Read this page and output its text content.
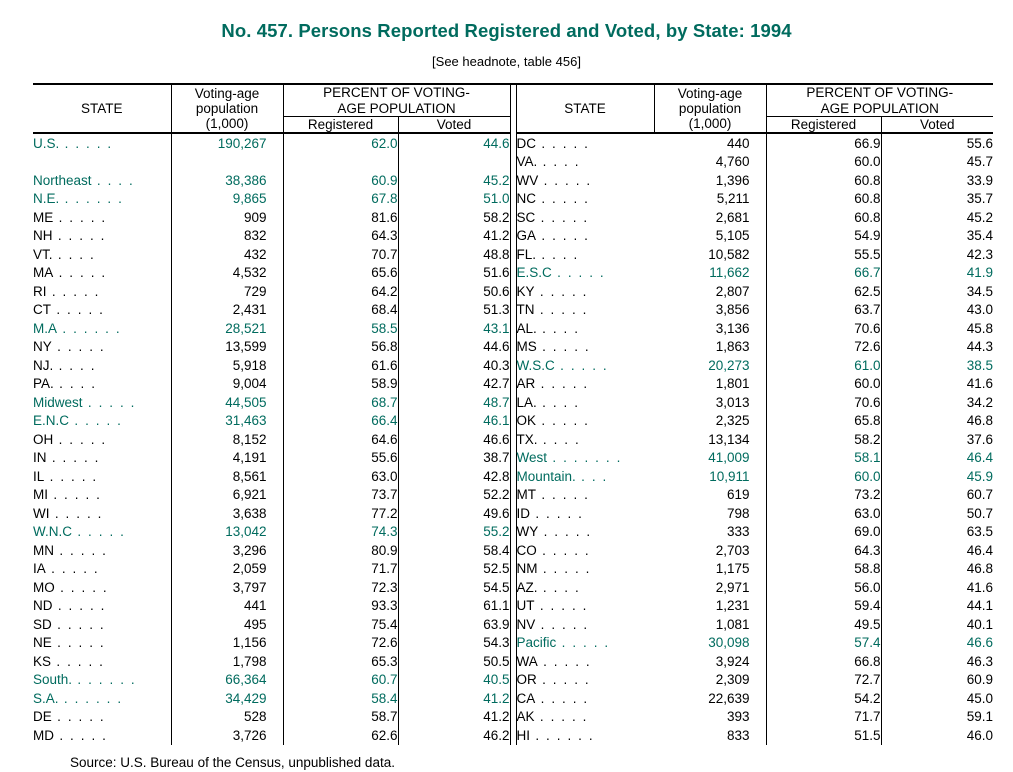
No. 457. Persons Reported Registered and Voted, by State: 1994
[See headnote, table 456]

STATE	
Voting-age
population
(1,000)

PERCENT OF VOTING-
AGE POPULATION		STATE	
Voting-age
population
(1,000)

PERCENT OF VOTING-
AGE POPULATION

		Registered	Voted				Registered	Voted

U.S. . . . . .	190,267	62.0	44.6		DC . . . . .	440	66.9	55.6
					VA. . . . .	4,760	60.0	45.7
Northeast . . . .	38,386	60.9	45.2		WV . . . . .	1,396	60.8	33.9
N.E. . . . . . .	9,865	67.8	51.0		NC . . . . .	5,211	60.8	35.7
ME . . . . .	909	81.6	58.2		SC . . . . .	2,681	60.8	45.2
NH . . . . .	832	64.3	41.2		GA . . . . .	5,105	54.9	35.4
VT. . . . .	432	70.7	48.8		FL. . . . .	10,582	55.5	42.3
MA . . . . .	4,532	65.6	51.6		E.S.C . . . . .	11,662	66.7	41.9
RI . . . . .	729	64.2	50.6		KY . . . . .	2,807	62.5	34.5
CT . . . . .	2,431	68.4	51.3		TN . . . . .	3,856	63.7	43.0
M.A . . . . . .	28,521	58.5	43.1		AL. . . . .	3,136	70.6	45.8
NY . . . . .	13,599	56.8	44.6		MS . . . . .	1,863	72.6	44.3
NJ. . . . .	5,918	61.6	40.3		W.S.C . . . . .	20,273	61.0	38.5
PA. . . . .	9,004	58.9	42.7		AR . . . . .	1,801	60.0	41.6
Midwest . . . . .	44,505	68.7	48.7		LA. . . . .	3,013	70.6	34.2
E.N.C . . . . .	31,463	66.4	46.1		OK . . . . .	2,325	65.8	46.8
OH . . . . .	8,152	64.6	46.6		TX. . . . .	13,134	58.2	37.6
IN . . . . .	4,191	55.6	38.7		West . . . . . . .	41,009	58.1	46.4
IL . . . . .	8,561	63.0	42.8		Mountain. . . .	10,911	60.0	45.9
MI . . . . .	6,921	73.7	52.2		MT . . . . .	619	73.2	60.7
WI . . . . .	3,638	77.2	49.6		ID . . . . .	798	63.0	50.7
W.N.C . . . . .	13,042	74.3	55.2		WY . . . . .	333	69.0	63.5
MN . . . . .	3,296	80.9	58.4		CO . . . . .	2,703	64.3	46.4
IA . . . . .	2,059	71.7	52.5		NM . . . . .	1,175	58.8	46.8
MO . . . . .	3,797	72.3	54.5		AZ. . . . .	2,971	56.0	41.6
ND . . . . .	441	93.3	61.1		UT . . . . .	1,231	59.4	44.1
SD . . . . .	495	75.4	63.9		NV . . . . .	1,081	49.5	40.1
NE . . . . .	1,156	72.6	54.3		Pacific . . . . .	30,098	57.4	46.6
KS . . . . .	1,798	65.3	50.5		WA . . . . .	3,924	66.8	46.3
South. . . . . . .	66,364	60.7	40.5		OR . . . . .	2,309	72.7	60.9
S.A. . . . . . .	34,429	58.4	41.2		CA . . . . .	22,639	54.2	45.0
DE . . . . .	528	58.7	41.2		AK . . . . .	393	71.7	59.1
MD . . . . .	3,726	62.6	46.2		HI . . . . . .	833	51.5	46.0
Source: U.S. Bureau of the Census, unpublished data.
